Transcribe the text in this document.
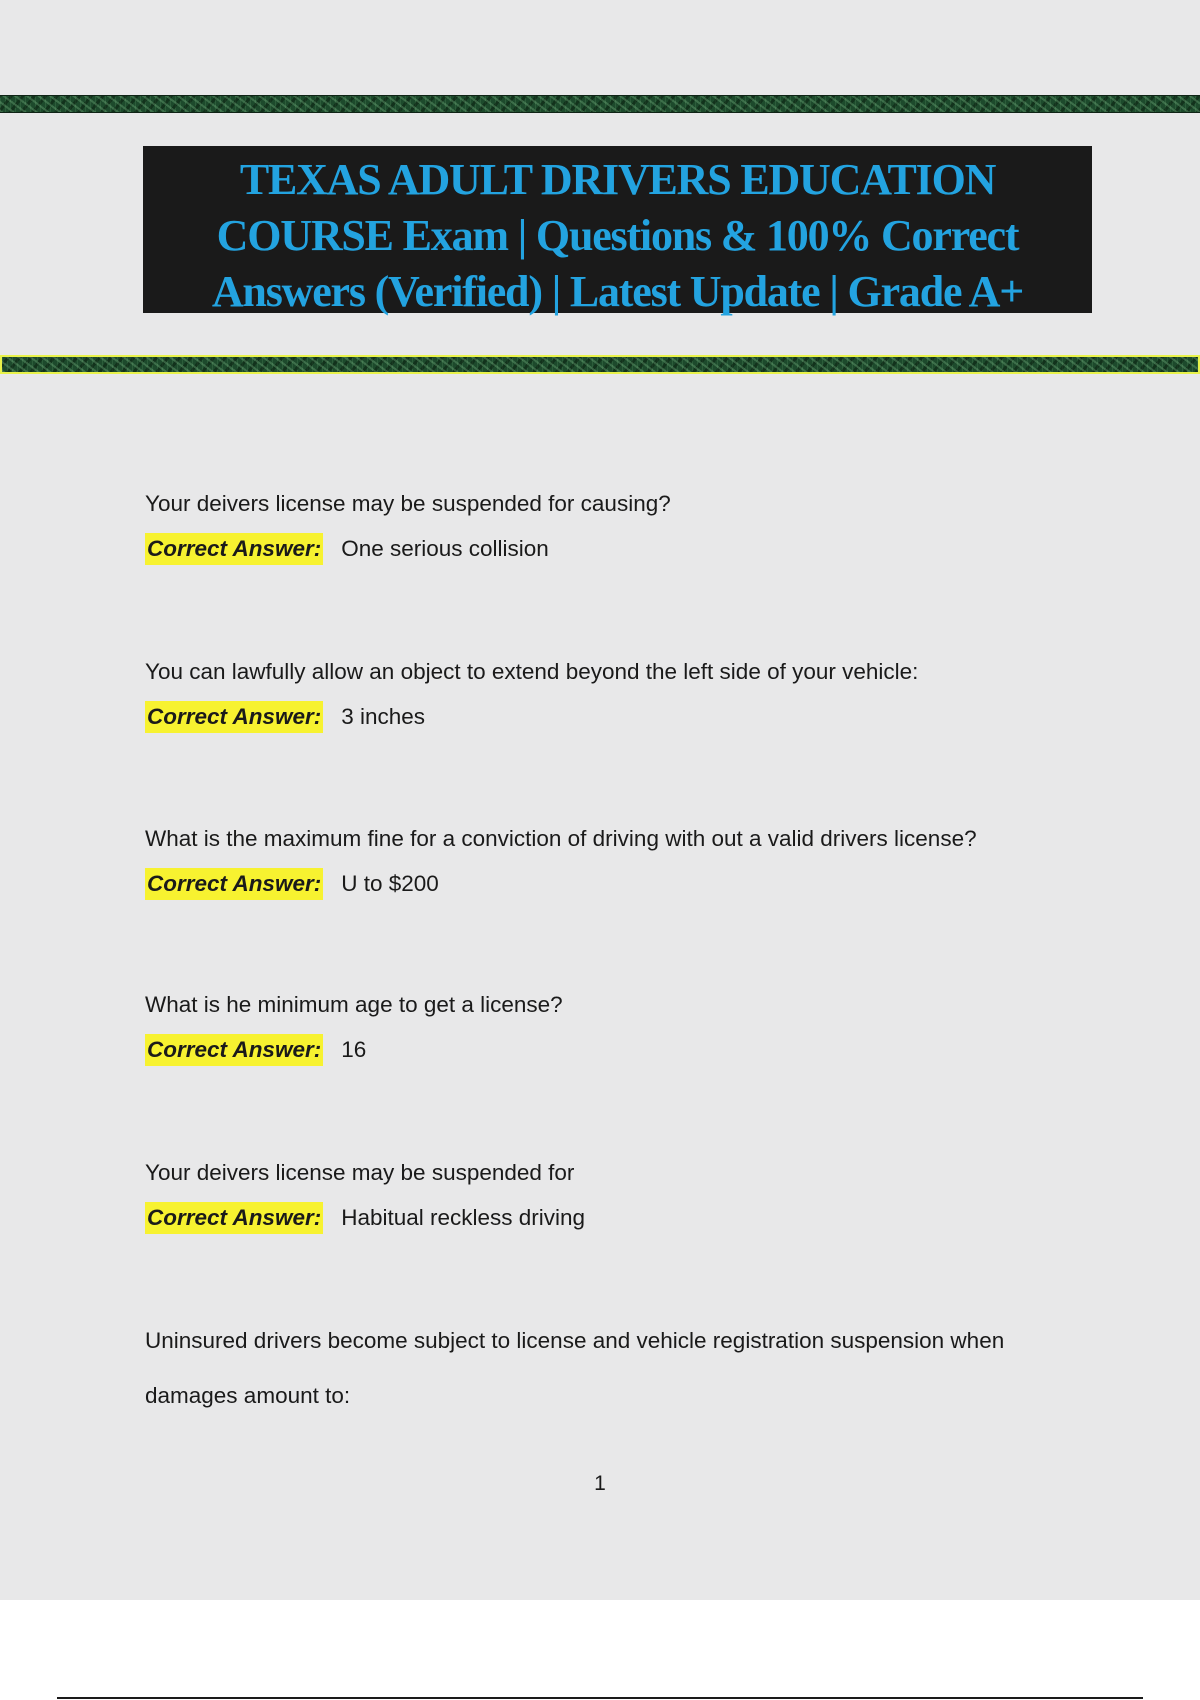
TEXAS ADULT DRIVERS EDUCATION COURSE Exam | Questions & 100% Correct Answers (Verified) | Latest Update | Grade A+

Your deivers license may be suspended for causing?

Correct Answer: One serious collision

You can lawfully allow an object to extend beyond the left side of your vehicle:

Correct Answer: 3 inches

What is the maximum fine for a conviction of driving with out a valid drivers license?

Correct Answer: U to $200

What is he minimum age to get a license?

Correct Answer: 16

Your deivers license may be suspended for

Correct Answer: Habitual reckless driving

Uninsured drivers become subject to license and vehicle registration suspension when damages amount to:

1
